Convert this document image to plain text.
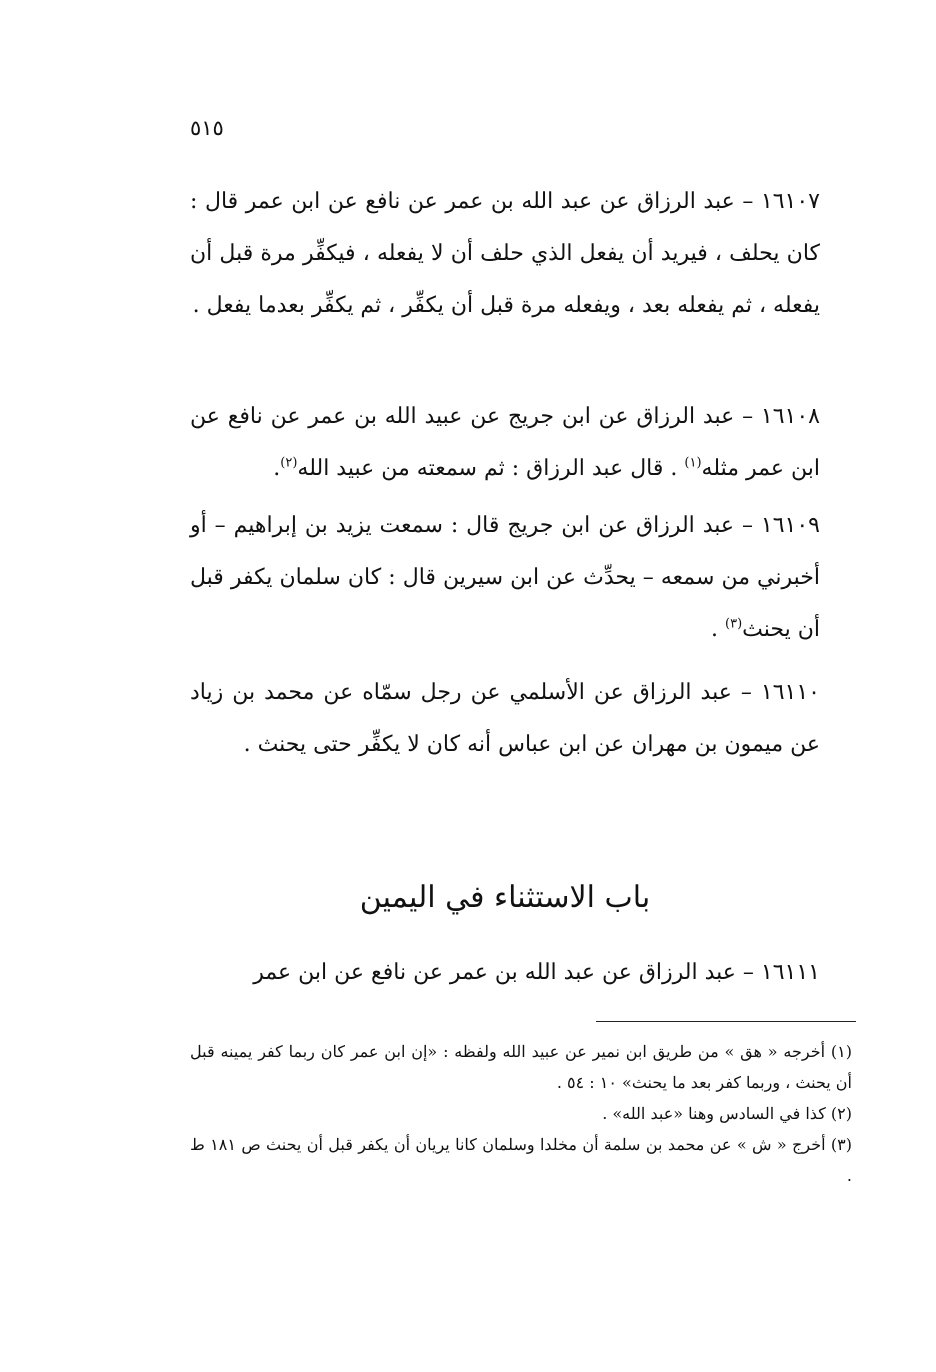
٥١٥
١٦١٠٧ – عبد الرزاق عن عبد الله بن عمر عن نافع عن ابن عمر قال : كان يحلف ، فيريد أن يفعل الذي حلف أن لا يفعله ، فيكفِّر مرة قبل أن يفعله ، ثم يفعله بعد ، ويفعله مرة قبل أن يكفِّر ، ثم يكفِّر بعدما يفعل .
١٦١٠٨ – عبد الرزاق عن ابن جريج عن عبيد الله بن عمر عن نافع عن ابن عمر مثله$^{(١)}$ . قال عبد الرزاق : ثم سمعته من عبيد الله$^{(٢)}$.
١٦١٠٩ – عبد الرزاق عن ابن جريج قال : سمعت يزيد بن إبراهيم – أو أخبرني من سمعه – يحدِّث عن ابن سيرين قال : كان سلمان يكفر قبل أن يحنث$^{(٣)}$ .
١٦١١٠ – عبد الرزاق عن الأسلمي عن رجل سمّاه عن محمد بن زياد عن ميمون بن مهران عن ابن عباس أنه كان لا يكفِّر حتى يحنث .
باب الاستثناء في اليمين
١٦١١١ – عبد الرزاق عن عبد الله بن عمر عن نافع عن ابن عمر

(١) أخرجه « هق » من طريق ابن نمير عن عبيد الله ولفظه : «إن ابن عمر كان ربما كفر يمينه قبل أن يحنث ، وربما كفر بعد ما يحنث» ١٠ : ٥٤ .

(٢) كذا في السادس وهنا «عبد الله» .

(٣) أخرج « ش » عن محمد بن سلمة أن مخلدا وسلمان كانا يريان أن يكفر قبل أن يحنث ص ١٨١ ط .
